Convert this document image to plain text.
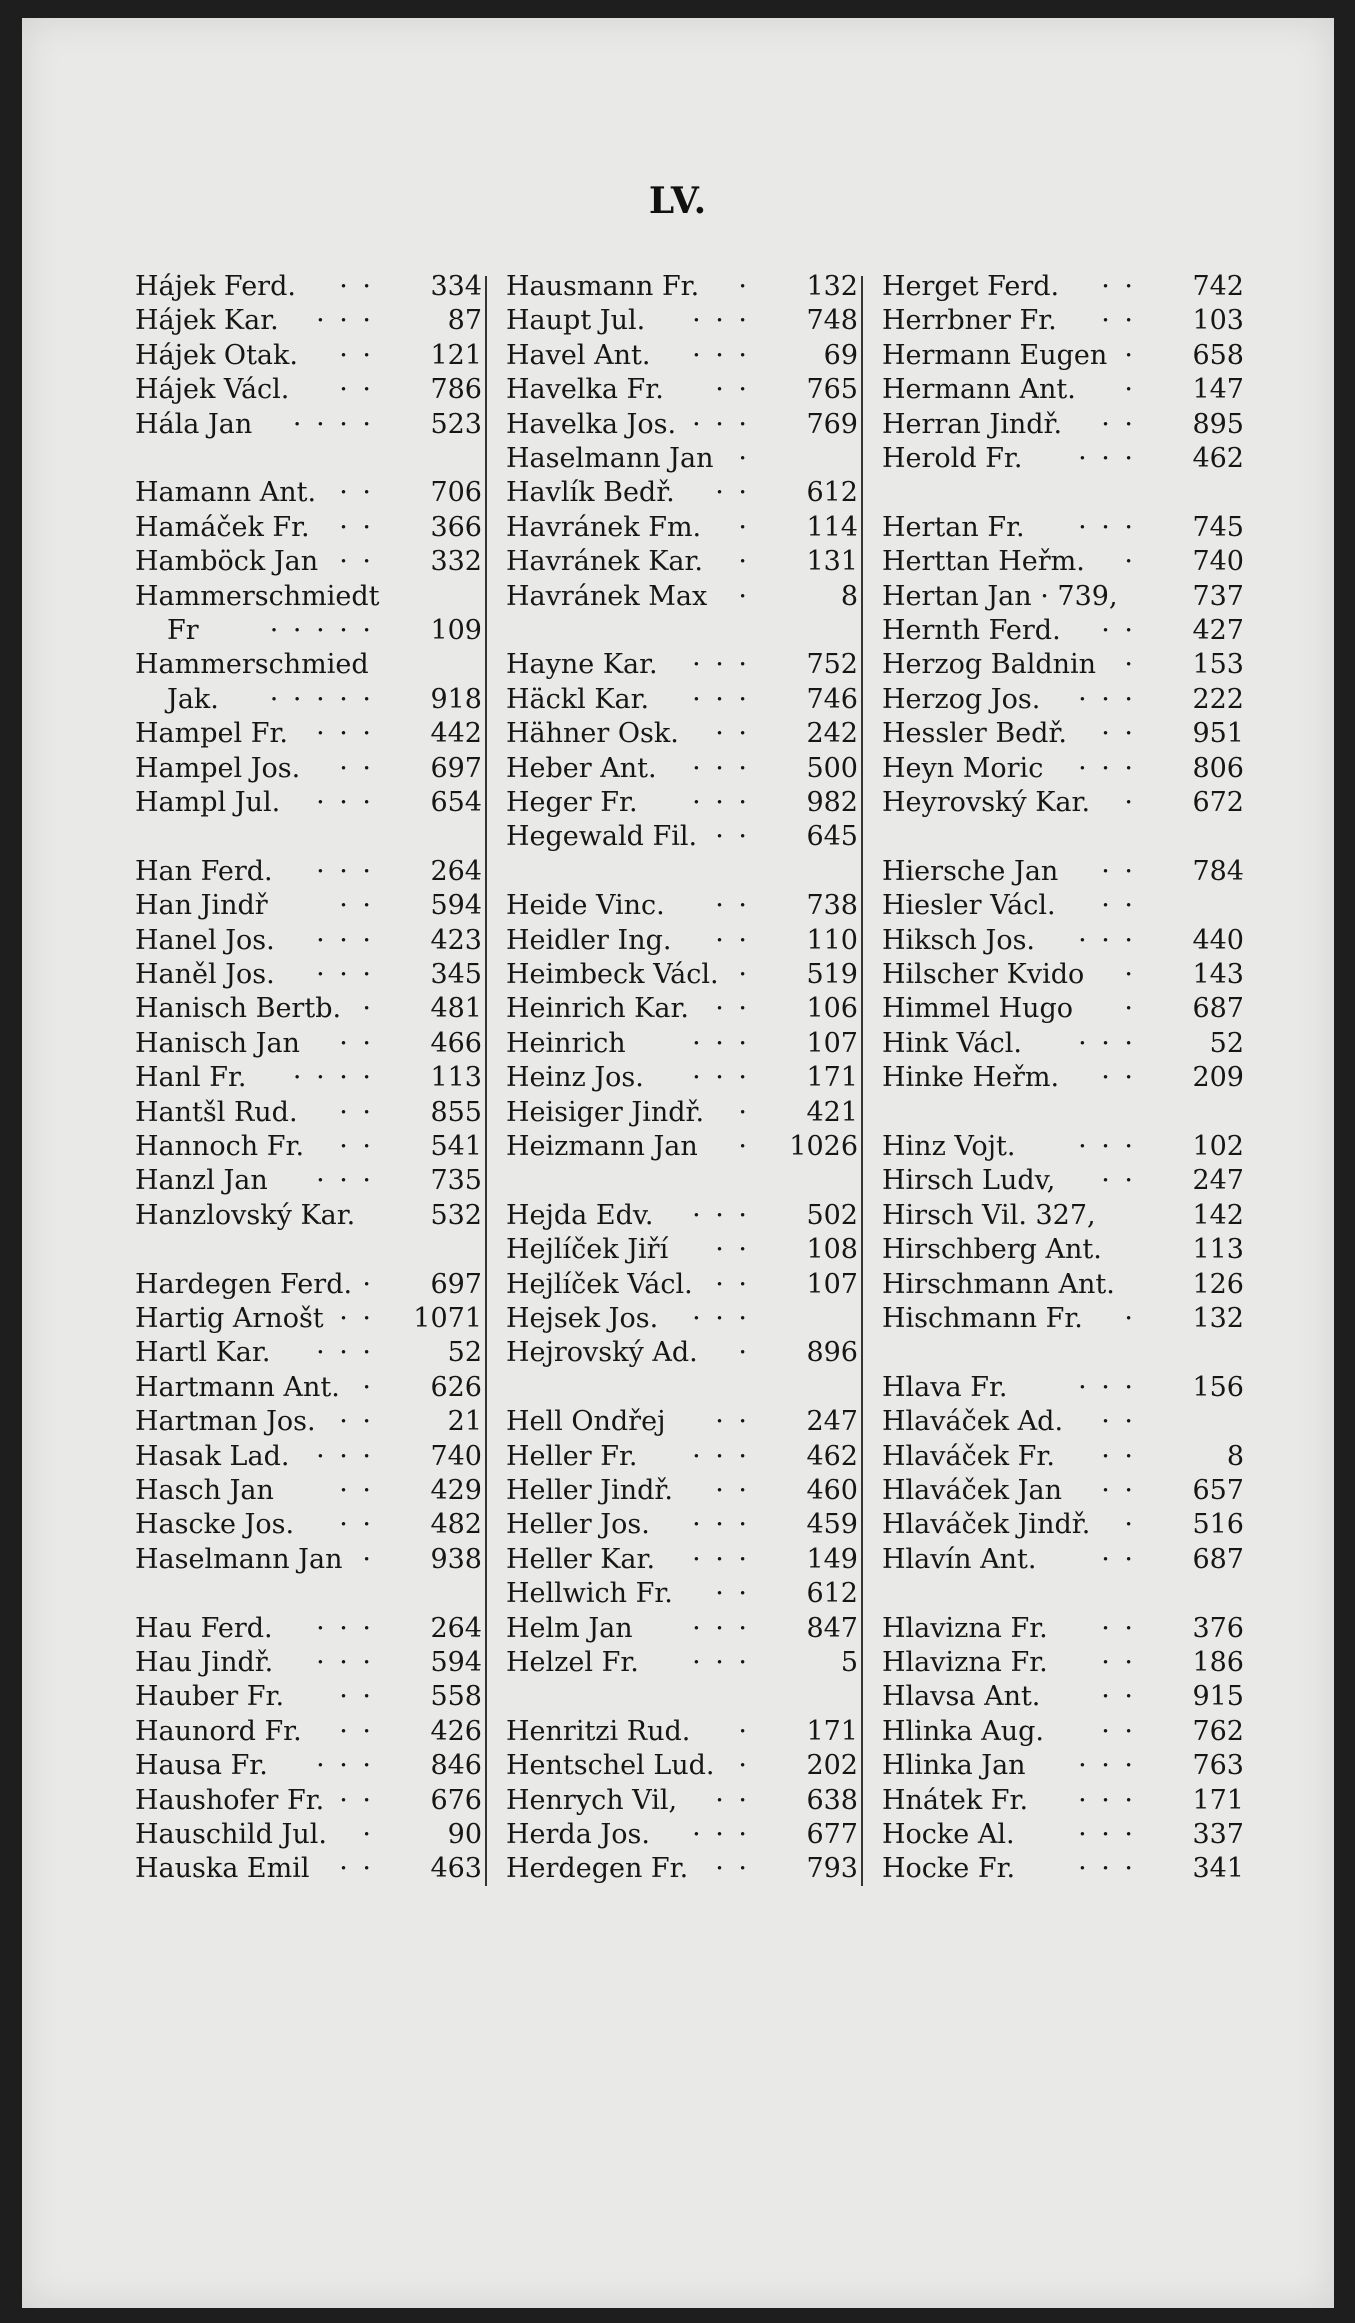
LV.
Hájek Ferd. · · 334
Hájek Kar. · · ·	87
Hájek Otak. · · 121
Hájek Václ. · · 786
Hála Jan · · · · 523
Hamann Ant. · · 706
Hamáček Fr. · · 366
Hamböck Jan · · 332
Hammerschmiedt
Fr	· · · · · 109
Hammerschmied
Jak. · · · · · 918
Hampel Fr. · · · 442
Hampel Jos. · · 697
Hampl Jul. · · · 654
Han Ferd. · · · 264
Han Jindř	· · 594
Hanel Jos. · · · 423
Haněl Jos. · · · 345
Hanisch Bertb. · 481
Hanisch Jan · · 466
Hanl Fr. · · · · 113
Hantšl Rud. · · 855
Hannoch Fr. · · 541
Hanzl Jan · · · 735
Hanzlovský Kar.	532
Hardegen Ferd. · 697
Hartig Arnošt · · 1071
Hartl Kar. · · ·	52
Hartmann Ant. · 626
Hartman Jos. · ·	21
Hasak Lad. · · · 740
Hasch Jan · · 429
Hascke Jos. · · 482
Haselmann Jan · 938
Hau Ferd. · · · 264
Hau Jindř. · · · 594
Hauber Fr. · · 558
Haunord Fr. · · 426
Hausa Fr. · · · 846
Haushofer Fr. · · 676
Hauschild Jul. ·	90
Hauska Emil · · 463
Hausmann Fr. · 132
Haupt Jul. · · · 748
Havel Ant. · · ·	69
Havelka Fr. · · 765
Havelka Jos. · · · 769
Haselmann Jan ·
Havlík Bedř. · · 612
Havránek Fm. · 114
Havránek Kar. · 131
Havránek Max ·	8
Hayne Kar. · · · 752
Häckl Kar. · · · 746
Hähner Osk. · · 242
Heber Ant. · · · 500
Heger Fr. · · · 982
Hegewald Fil. · · 645
Heide Vinc. · · 738
Heidler Ing. · · 110
Heimbeck Václ. · 519
Heinrich Kar. · · 106
Heinrich · · · 107
Heinz Jos. · · · 171
Heisiger Jindř. · 421
Heizmann Jan · 1026
Hejda Edv. · · · 502
Hejlíček Jiří · · 108
Hejlíček Václ. · · 107
Hejsek Jos. · · ·
Hejrovský Ad. · 896
Hell Ondřej · · 247
Heller Fr. · · · 462
Heller Jindř. · · 460
Heller Jos. · · · 459
Heller Kar. · · · 149
Hellwich Fr. · · 612
Helm Jan · · · 847
Helzel Fr. · · ·	5
Henritzi Rud. · 171
Hentschel Lud. · 202
Henrych Vil, · · 638
Herda Jos. · · · 677
Herdegen Fr. · · 793
Herget Ferd. · · 742
Herrbner Fr. · · 103
Hermann Eugen · 658
Hermann Ant. · 147
Herran Jindř. · · 895
Herold Fr. · · · 462
Hertan Fr. · · · 745
Herttan Heřm. · 740
Hertan Jan · 739,	737
Hernth Ferd. · · 427
Herzog Baldnin · 153
Herzog Jos. · · · 222
Hessler Bedř. · · 951
Heyn Moric · · · 806
Heyrovský Kar. · 672
Hiersche Jan · · 784
Hiesler Václ. · ·
Hiksch Jos. · · · 440
Hilscher Kvido · 143
Himmel Hugo · 687
Hink Václ. · · ·	52
Hinke Heřm. · · 209
Hinz Vojt. · · · 102
Hirsch Ludv, · · 247
Hirsch Vil. 327,	142
Hirschberg Ant.	113
Hirschmann Ant.	126
Hischmann Fr. · 132
Hlava Fr.	· · · 156
Hlaváček Ad. · ·
Hlaváček Fr. · ·	8
Hlaváček Jan · · 657
Hlaváček Jindř. · 516
Hlavín Ant. · · 687
Hlavizna Fr. · · 376
Hlavizna Fr. · · 186
Hlavsa Ant. · · 915
Hlinka Aug. · · 762
Hlinka Jan · · · 763
Hnátek Fr. · · · 171
Hocke Al. · · · 337
Hocke Fr. · · · 341
